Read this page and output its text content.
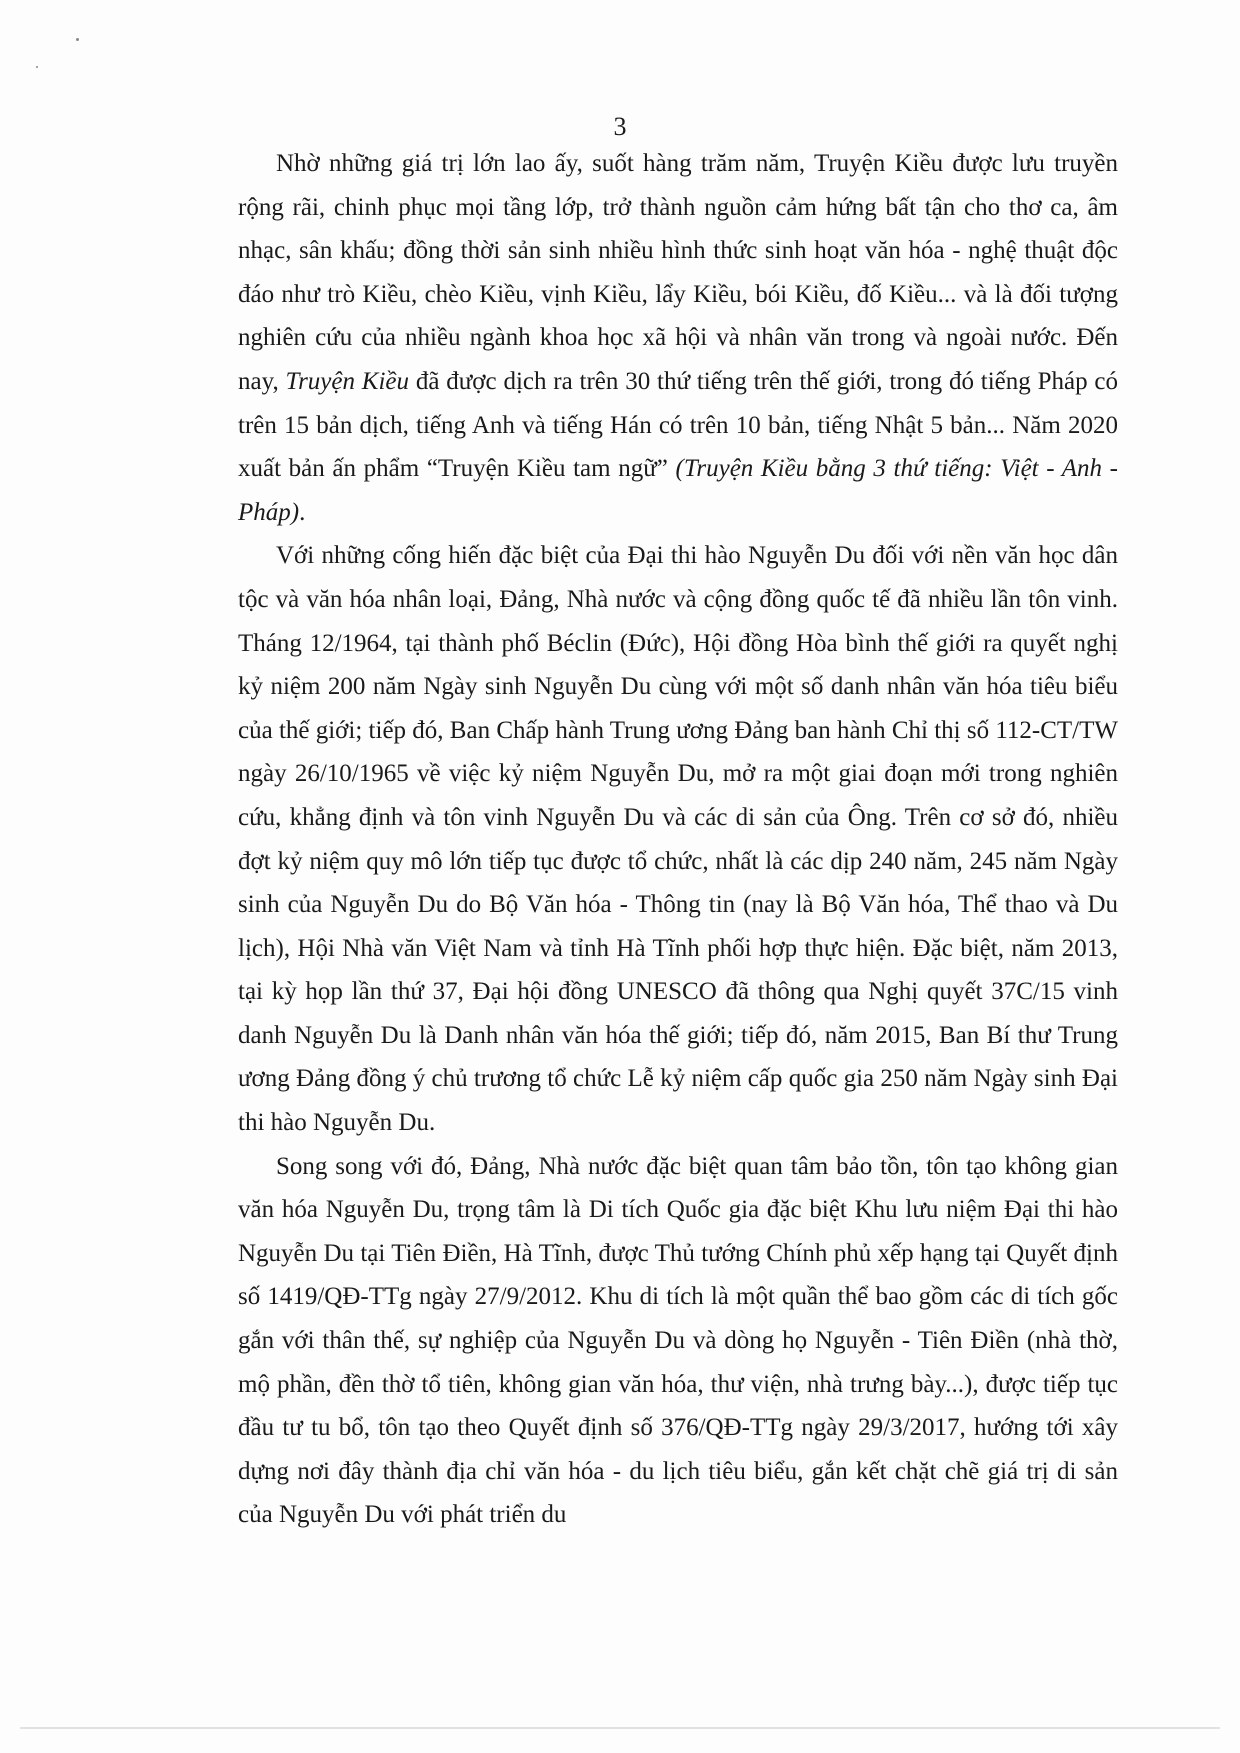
3

Nhờ những giá trị lớn lao ấy, suốt hàng trăm năm, Truyện Kiều được lưu truyền rộng rãi, chinh phục mọi tầng lớp, trở thành nguồn cảm hứng bất tận cho thơ ca, âm nhạc, sân khấu; đồng thời sản sinh nhiều hình thức sinh hoạt văn hóa - nghệ thuật độc đáo như trò Kiều, chèo Kiều, vịnh Kiều, lẩy Kiều, bói Kiều, đố Kiều... và là đối tượng nghiên cứu của nhiều ngành khoa học xã hội và nhân văn trong và ngoài nước. Đến nay, Truyện Kiều đã được dịch ra trên 30 thứ tiếng trên thế giới, trong đó tiếng Pháp có trên 15 bản dịch, tiếng Anh và tiếng Hán có trên 10 bản, tiếng Nhật 5 bản... Năm 2020 xuất bản ấn phẩm “Truyện Kiều tam ngữ” (Truyện Kiều bằng 3 thứ tiếng: Việt - Anh - Pháp).

Với những cống hiến đặc biệt của Đại thi hào Nguyễn Du đối với nền văn học dân tộc và văn hóa nhân loại, Đảng, Nhà nước và cộng đồng quốc tế đã nhiều lần tôn vinh. Tháng 12/1964, tại thành phố Béclin (Đức), Hội đồng Hòa bình thế giới ra quyết nghị kỷ niệm 200 năm Ngày sinh Nguyễn Du cùng với một số danh nhân văn hóa tiêu biểu của thế giới; tiếp đó, Ban Chấp hành Trung ương Đảng ban hành Chỉ thị số 112-CT/TW ngày 26/10/1965 về việc kỷ niệm Nguyễn Du, mở ra một giai đoạn mới trong nghiên cứu, khẳng định và tôn vinh Nguyễn Du và các di sản của Ông. Trên cơ sở đó, nhiều đợt kỷ niệm quy mô lớn tiếp tục được tổ chức, nhất là các dịp 240 năm, 245 năm Ngày sinh của Nguyễn Du do Bộ Văn hóa - Thông tin (nay là Bộ Văn hóa, Thể thao và Du lịch), Hội Nhà văn Việt Nam và tỉnh Hà Tĩnh phối hợp thực hiện. Đặc biệt, năm 2013, tại kỳ họp lần thứ 37, Đại hội đồng UNESCO đã thông qua Nghị quyết 37C/15 vinh danh Nguyễn Du là Danh nhân văn hóa thế giới; tiếp đó, năm 2015, Ban Bí thư Trung ương Đảng đồng ý chủ trương tổ chức Lễ kỷ niệm cấp quốc gia 250 năm Ngày sinh Đại thi hào Nguyễn Du.

Song song với đó, Đảng, Nhà nước đặc biệt quan tâm bảo tồn, tôn tạo không gian văn hóa Nguyễn Du, trọng tâm là Di tích Quốc gia đặc biệt Khu lưu niệm Đại thi hào Nguyễn Du tại Tiên Điền, Hà Tĩnh, được Thủ tướng Chính phủ xếp hạng tại Quyết định số 1419/QĐ-TTg ngày 27/9/2012. Khu di tích là một quần thể bao gồm các di tích gốc gắn với thân thế, sự nghiệp của Nguyễn Du và dòng họ Nguyễn - Tiên Điền (nhà thờ, mộ phần, đền thờ tổ tiên, không gian văn hóa, thư viện, nhà trưng bày...), được tiếp tục đầu tư tu bổ, tôn tạo theo Quyết định số 376/QĐ-TTg ngày 29/3/2017, hướng tới xây dựng nơi đây thành địa chỉ văn hóa - du lịch tiêu biểu, gắn kết chặt chẽ giá trị di sản của Nguyễn Du với phát triển du
